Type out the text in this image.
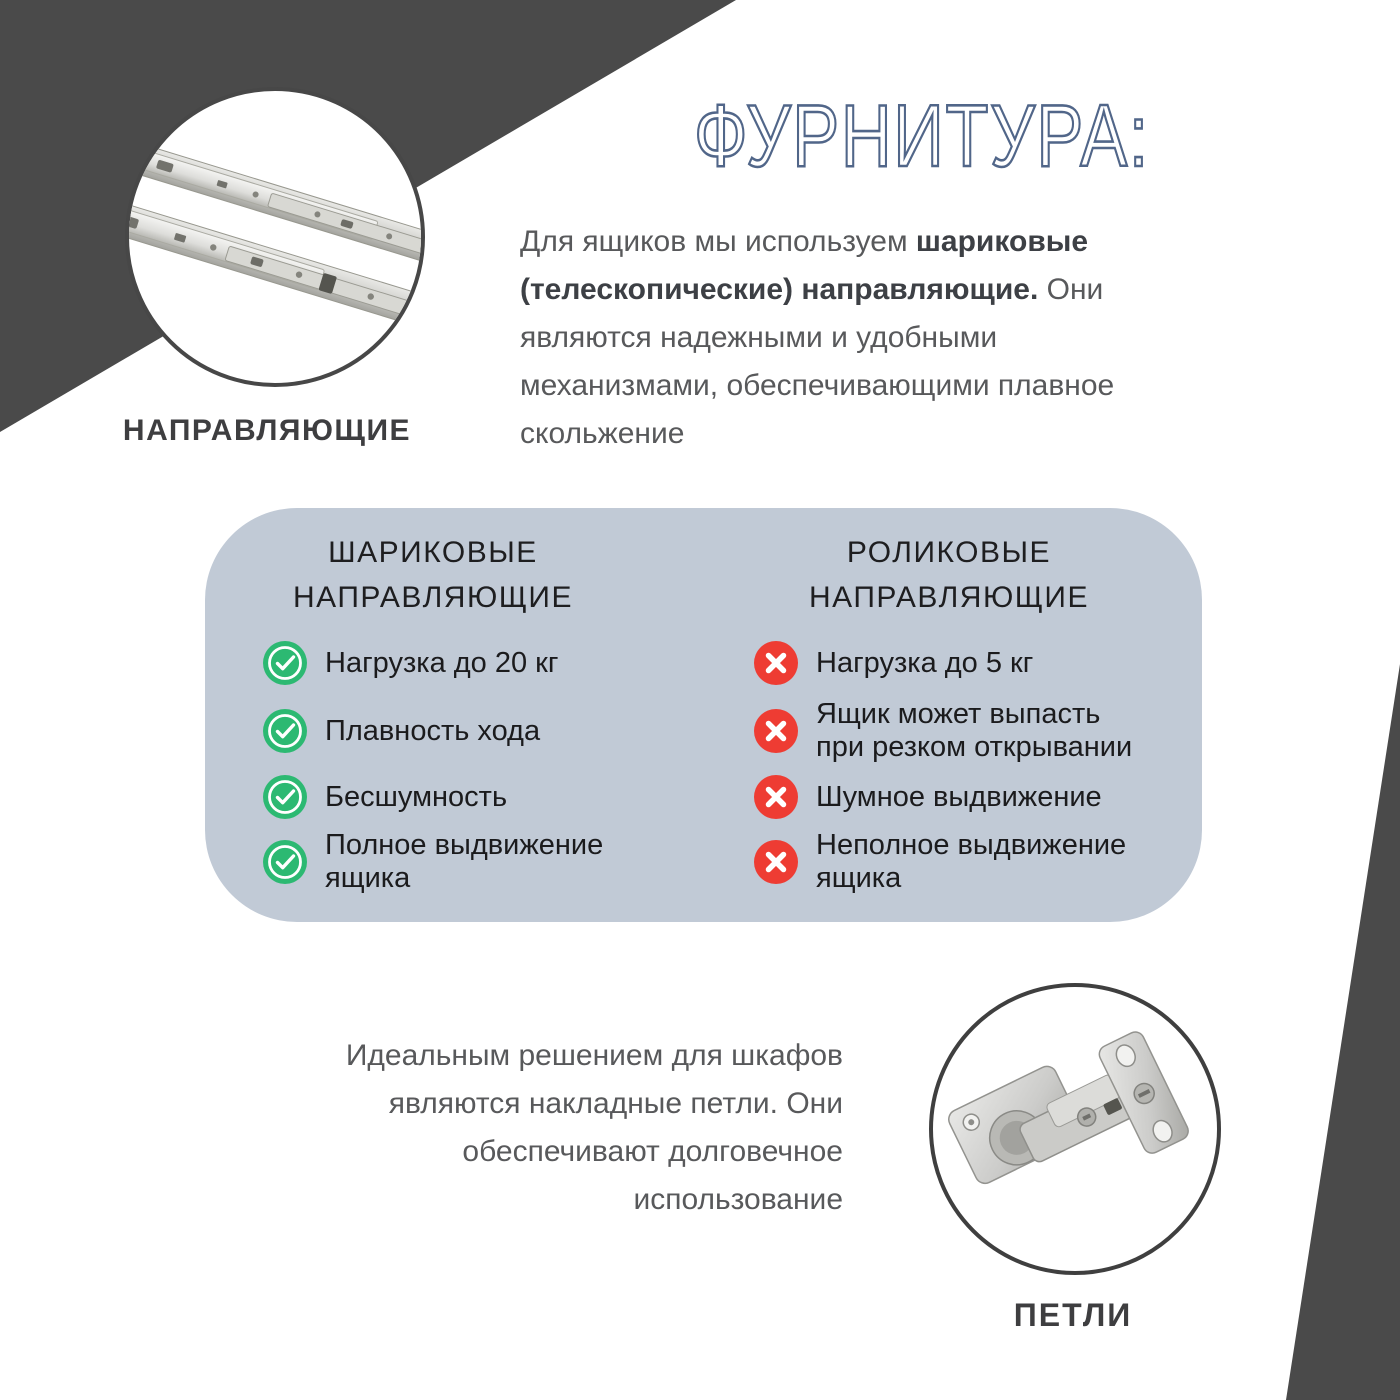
НАПРАВЛЯЮЩИЕ
ФУРНИТУРА:
Для ящиков мы используем шариковые
(телескопические) направляющие. Они
являются надежными и удобными
механизмами, обеспечивающими плавное
скольжение
ШАРИКОВЫЕ
НАПРАВЛЯЮЩИЕ
РОЛИКОВЫЕ
НАПРАВЛЯЮЩИЕ
Нагрузка до 20 кг
Плавность хода
Бесшумность
Полное выдвижение
ящика
Нагрузка до 5 кг
Ящик может выпасть
при резком открывании
Шумное выдвижение
Неполное выдвижение
ящика
Идеальным решением для шкафов
являются накладные петли. Они
обеспечивают долговечное
использование
ПЕТЛИ
